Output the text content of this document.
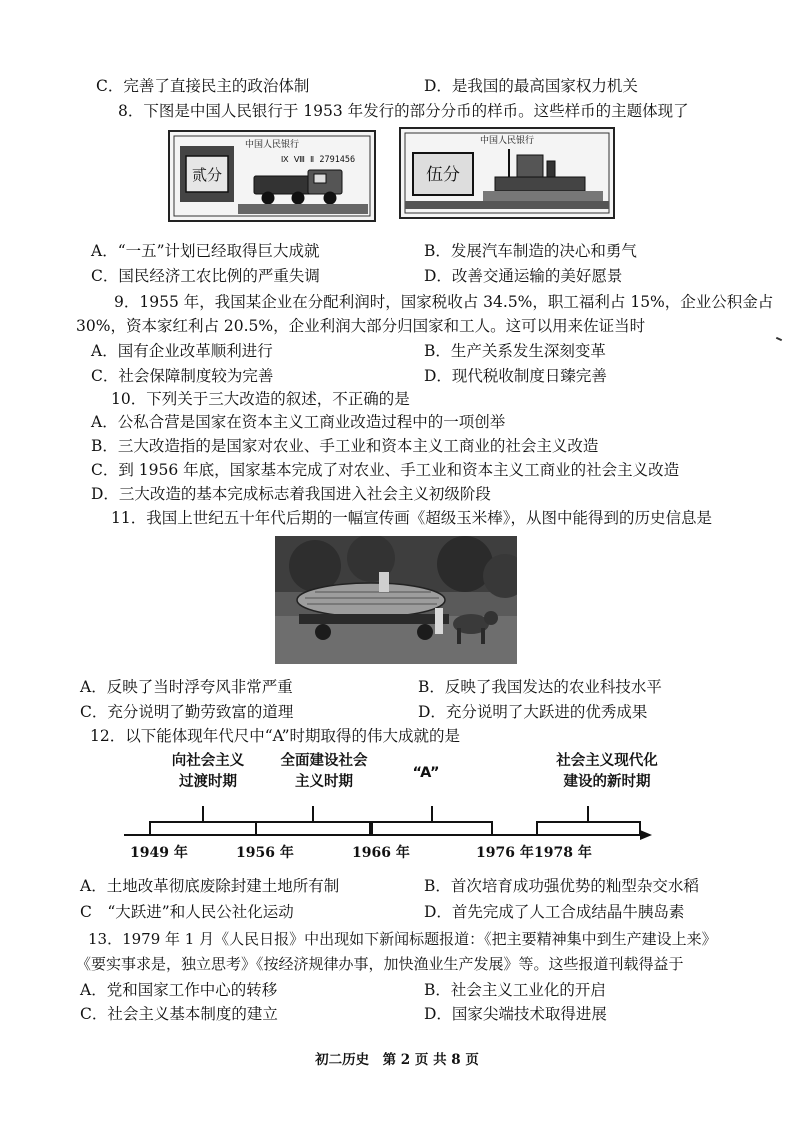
C．完善了直接民主的政治体制	D．是我国的最高国家权力机关
8．下图是中国人民银行于 1953 年发行的部分分币的样币。这些样币的主题体现了
贰分
中国人民银行
Ⅸ Ⅷ Ⅱ 2791456
中国人民银行
伍分
A．“一五”计划已经取得巨大成就	B．发展汽车制造的决心和勇气
C．国民经济工农比例的严重失调	D．改善交通运输的美好愿景
9．1955 年，我国某企业在分配利润时，国家税收占 34.5%，职工福利占 15%，企业公积金占
30%，资本家红利占 20.5%，企业利润大部分归国家和工人。这可以用来佐证当时
A．国有企业改革顺利进行	B．生产关系发生深刻变革
C．社会保障制度较为完善	D．现代税收制度日臻完善
10．下列关于三大改造的叙述，不正确的是
A．公私合营是国家在资本主义工商业改造过程中的一项创举
B．三大改造指的是国家对农业、手工业和资本主义工商业的社会主义改造
C．到 1956 年底，国家基本完成了对农业、手工业和资本主义工商业的社会主义改造
D．三大改造的基本完成标志着我国进入社会主义初级阶段
11．我国上世纪五十年代后期的一幅宣传画《超级玉米棒》，从图中能得到的历史信息是
A．反映了当时浮夸风非常严重	B．反映了我国发达的农业科技水平
C．充分说明了勤劳致富的道理	D．充分说明了大跃进的优秀成果
12．以下能体现年代尺中“A”时期取得的伟大成就的是
向社会主义
过渡时期
全面建设社会
主义时期
“A”
社会主义现代化
建设的新时期
1949 年	1956 年	1966 年	1976 年 1978 年
A．土地改革彻底废除封建土地所有制	B．首次培育成功强优势的籼型杂交水稻
C　“大跃进”和人民公社化运动	D．首先完成了人工合成结晶牛胰岛素
13．1979 年 1 月《人民日报》中出现如下新闻标题报道：《把主要精神集中到生产建设上来》
《要实事求是，独立思考》《按经济规律办事，加快渔业生产发展》等。这些报道刊载得益于
A．党和国家工作中心的转移	B．社会主义工业化的开启
C．社会主义基本制度的建立	D．国家尖端技术取得进展
初二历史　第 2 页 共 8 页
